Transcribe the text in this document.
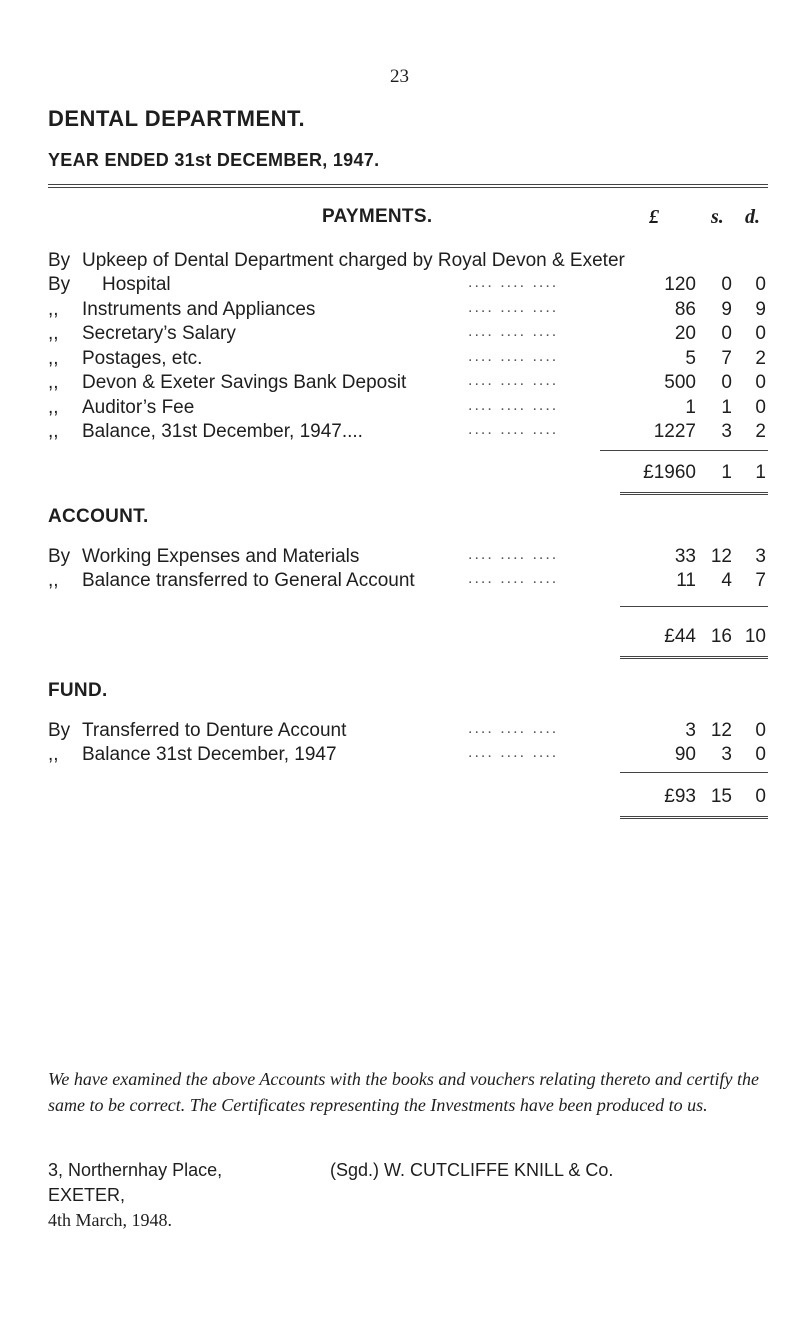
23
DENTAL DEPARTMENT.
YEAR ENDED 31st DECEMBER, 1947.
PAYMENTS.	£	s. d.
By Upkeep of Dental Department charged by Royal Devon & Exeter
By	Hospital	.... .... ....	120	0	0
,,	Instruments and Appliances	.... .... ....	86	9	9
,,	Secretary’s Salary	.... .... ....	20	0	0
,,	Postages, etc.	.... .... ....	5	7	2
,,	Devon & Exeter Savings Bank Deposit	.... .... ....	500	0	0
,,	Auditor’s Fee	.... .... ....	1	1	0
,,	Balance, 31st December, 1947....	.... .... ....	1227	3	2
£1960	1	1
ACCOUNT.
By Working Expenses and Materials	.... .... ....	33 12	3
,,	Balance transferred to General Account	.... .... ....	11	4	7
£44 16 10
FUND.
By Transferred to Denture Account	.... .... ....	3 12	0
,,	Balance 31st December, 1947	.... .... ....	90	3	0
£93 15	0
We have examined the above Accounts with the books and vouchers relating thereto and certify the same to be correct. The Certificates representing the Investments have been produced to us.
3, Northernhay Place,
EXETER,
4th March, 1948.
(Sgd.) W. CUTCLIFFE KNILL & Co.
